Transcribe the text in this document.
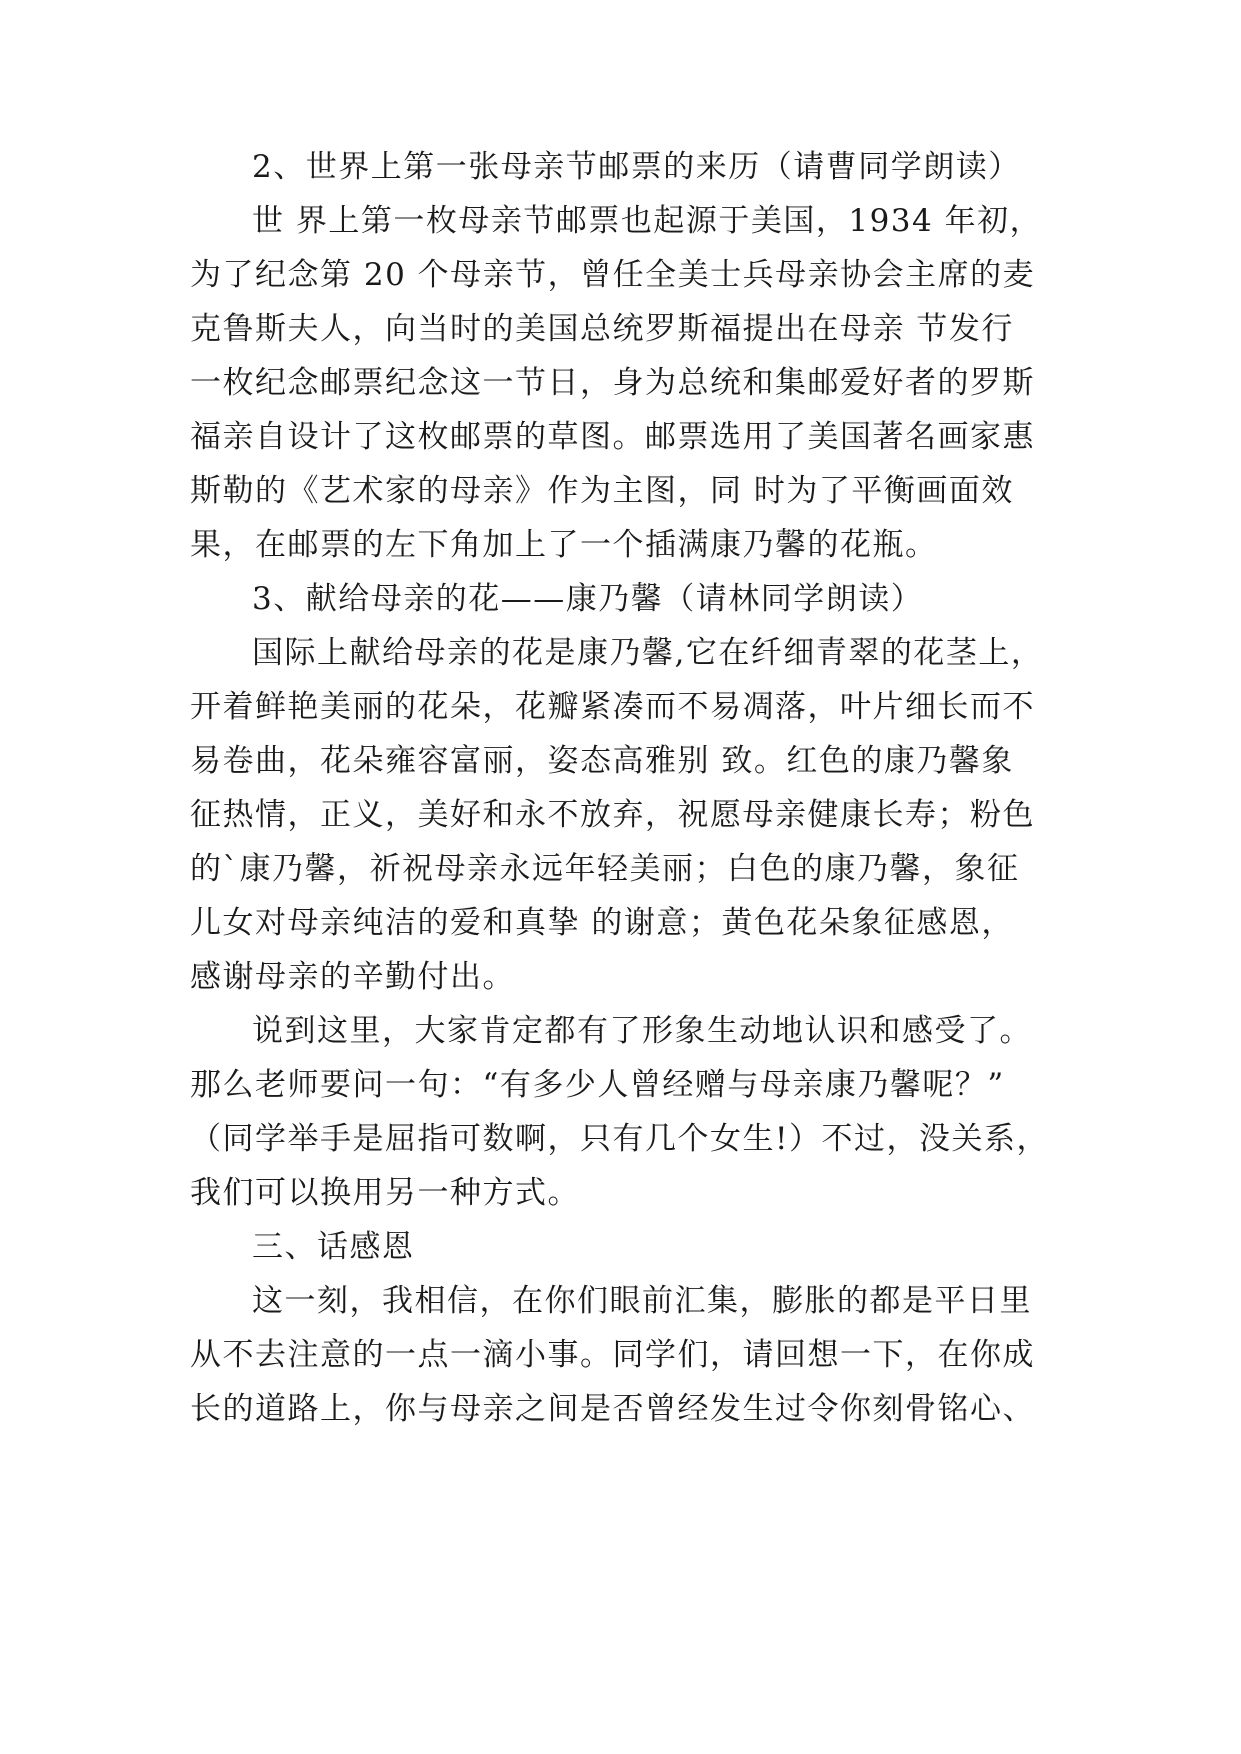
2、世界上第一张母亲节邮票的来历（请曹同学朗读）
世 界上第一枚母亲节邮票也起源于美国，1934 年初，
为了纪念第 20 个母亲节，曾任全美士兵母亲协会主席的麦
克鲁斯夫人，向当时的美国总统罗斯福提出在母亲 节发行
一枚纪念邮票纪念这一节日，身为总统和集邮爱好者的罗斯
福亲自设计了这枚邮票的草图。邮票选用了美国著名画家惠
斯勒的《艺术家的母亲》作为主图，同 时为了平衡画面效
果，在邮票的左下角加上了一个插满康乃馨的花瓶。
3、献给母亲的花——康乃馨（请林同学朗读）
国际上献给母亲的花是康乃馨,它在纤细青翠的花茎上，
开着鲜艳美丽的花朵，花瓣紧凑而不易凋落，叶片细长而不
易卷曲，花朵雍容富丽，姿态高雅别 致。红色的康乃馨象
征热情，正义，美好和永不放弃，祝愿母亲健康长寿；粉色
的`康乃馨，祈祝母亲永远年轻美丽；白色的康乃馨，象征
儿女对母亲纯洁的爱和真挚 的谢意；黄色花朵象征感恩，
感谢母亲的辛勤付出。
说到这里，大家肯定都有了形象生动地认识和感受了。
那么老师要问一句：“有多少人曾经赠与母亲康乃馨呢？”
（同学举手是屈指可数啊，只有几个女生!）不过，没关系，
我们可以换用另一种方式。
三、话感恩
这一刻，我相信，在你们眼前汇集，膨胀的都是平日里
从不去注意的一点一滴小事。同学们，请回想一下，在你成
长的道路上，你与母亲之间是否曾经发生过令你刻骨铭心、
